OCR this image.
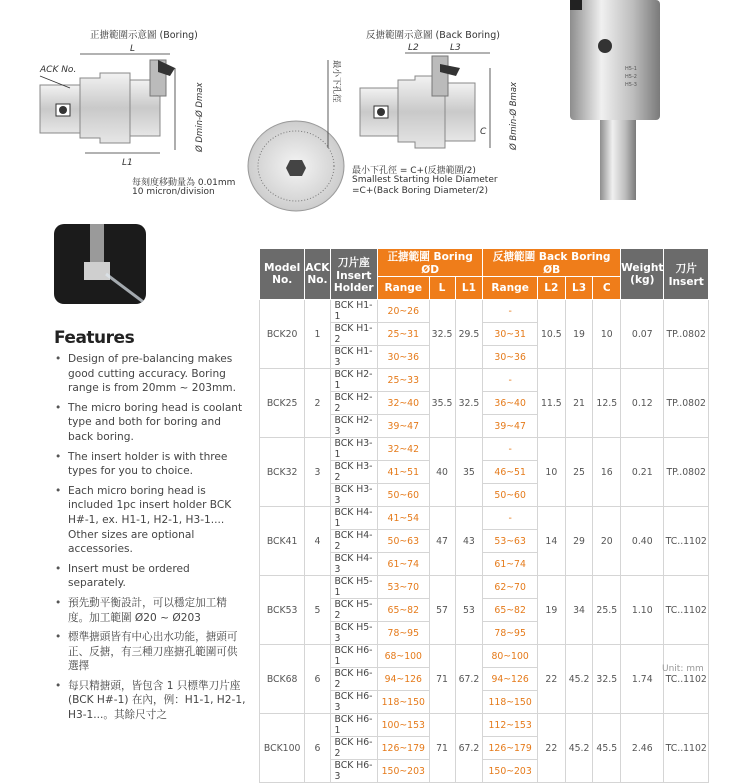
正搪範圍示意圖 (Boring)
L
L1
ACK No.
Ø Dmin-Ø Dmax
每刻度移動量為 0.01mm
10 micron/division
反搪範圍示意圖 (Back Boring)
L2	L3
C
最小下孔徑
Ø Bmin-Ø Bmax
最小下孔徑 = C+(反搪範圍/2)
Smallest Starting Hole Diameter
=C+(Back Boring Diameter/2)
H5-1
H5-2
H5-3
Features
• Design of pre-balancing makes good cutting accuracy. Boring range is from 20mm ~ 203mm.
• The micro boring head is coolant type and both for boring and back boring.
• The insert holder is with three types for you to choice.
• Each micro boring head is included 1pc insert holder BCK H#-1, ex. H1-1, H2-1, H3-1.... Other sizes are optional accessories.
• Insert must be ordered separately.
• 預先動平衡設計，可以穩定加工精度。加工範圍 Ø20 ~ Ø203
• 標準搪頭皆有中心出水功能，搪頭可正、反搪，有三種刀座搪孔範圍可供選擇
• 每只精搪頭，皆包含 1 只標準刀片座 (BCK H#-1) 在內，例：H1-1, H2-1, H3-1...。其餘尺寸之
Model No.	ACK No.	刀片座 Insert Holder	正搪範圍 Boring ØD			反搪範圍 Back Boring ØB				Weight (kg)	刀片 Insert
			Range	L	L1	Range	L2	L3	C		
BCK20	1	BCK H1-1	20~26	32.5	29.5	-	10.5	19	10	0.07	TP..0802
		BCK H1-2	25~31			30~31					
		BCK H1-3	30~36			30~36					
BCK25	2	BCK H2-1	25~33	35.5	32.5	-	11.5	21	12.5	0.12	TP..0802
		BCK H2-2	32~40			36~40					
		BCK H2-3	39~47			39~47					
BCK32	3	BCK H3-1	32~42	40	35	-	10	25	16	0.21	TP..0802
		BCK H3-2	41~51			46~51					
		BCK H3-3	50~60			50~60					
BCK41	4	BCK H4-1	41~54	47	43	-	14	29	20	0.40	TC..1102
		BCK H4-2	50~63			53~63					
		BCK H4-3	61~74			61~74					
BCK53	5	BCK H5-1	53~70	57	53	62~70	19	34	25.5	1.10	TC..1102
		BCK H5-2	65~82			65~82					
		BCK H5-3	78~95			78~95					
BCK68	6	BCK H6-1	68~100	71	67.2	80~100	22	45.2	32.5	1.74	TC..1102
		BCK H6-2	94~126			94~126					
		BCK H6-3	118~150			118~150					
BCK100	6	BCK H6-1	100~153	71	67.2	112~153	22	45.2	45.5	2.46	TC..1102
		BCK H6-2	126~179			126~179					
		BCK H6-3	150~203			150~203					
Unit: mm
